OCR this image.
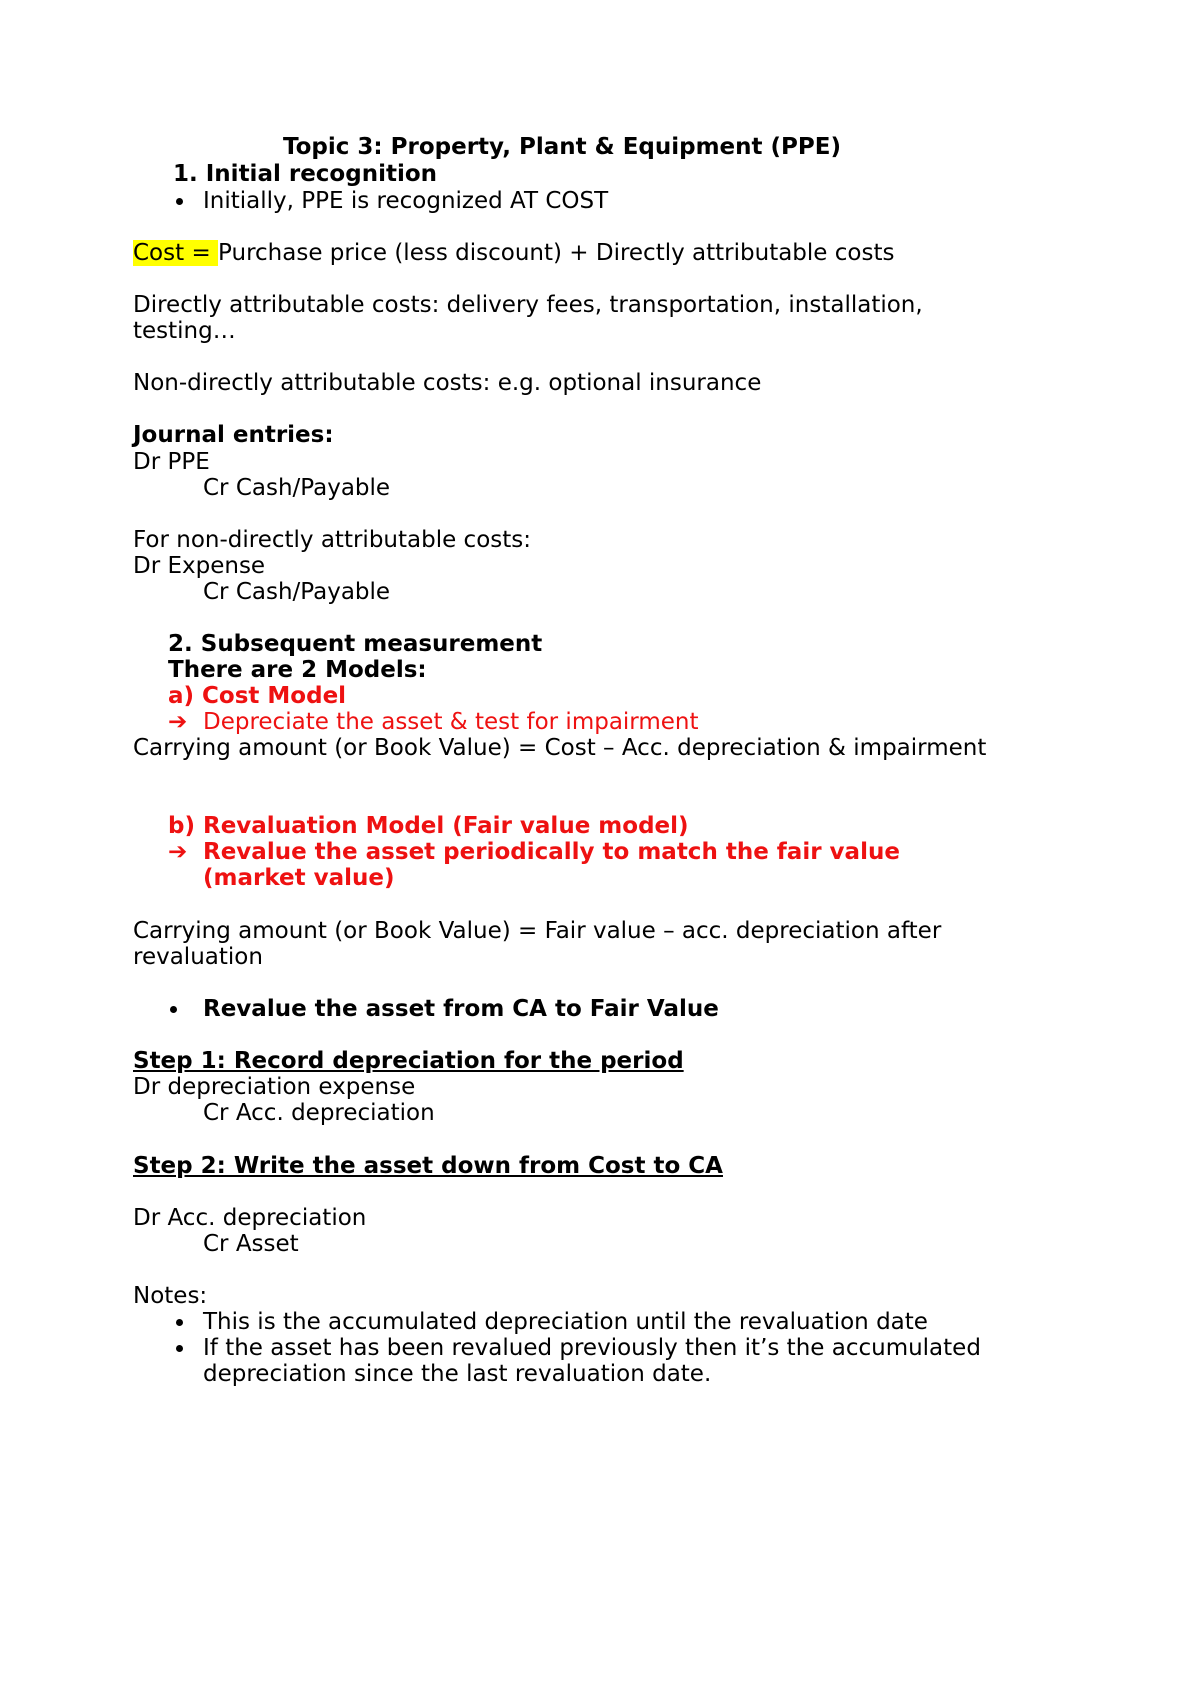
Topic 3: Property, Plant & Equipment (PPE)
1. Initial recognition
Initially, PPE is recognized AT COST
Cost = Purchase price (less discount) + Directly attributable costs
Directly attributable costs: delivery fees, transportation, installation,
testing…
Non-directly attributable costs: e.g. optional insurance
Journal entries:
Dr PPE
Cr Cash/Payable
For non-directly attributable costs:
Dr Expense
Cr Cash/Payable
2. Subsequent measurement
There are 2 Models:
a) Cost Model
➔ Depreciate the asset & test for impairment
Carrying amount (or Book Value) = Cost – Acc. depreciation & impairment
b) Revaluation Model (Fair value model)
➔ Revalue the asset periodically to match the fair value
(market value)
Carrying amount (or Book Value) = Fair value – acc. depreciation after
revaluation
Revalue the asset from CA to Fair Value
Step 1: Record depreciation for the period
Dr depreciation expense
Cr Acc. depreciation
Step 2: Write the asset down from Cost to CA
Dr Acc. depreciation
Cr Asset
Notes:
This is the accumulated depreciation until the revaluation date
If the asset has been revalued previously then it’s the accumulated
depreciation since the last revaluation date.
